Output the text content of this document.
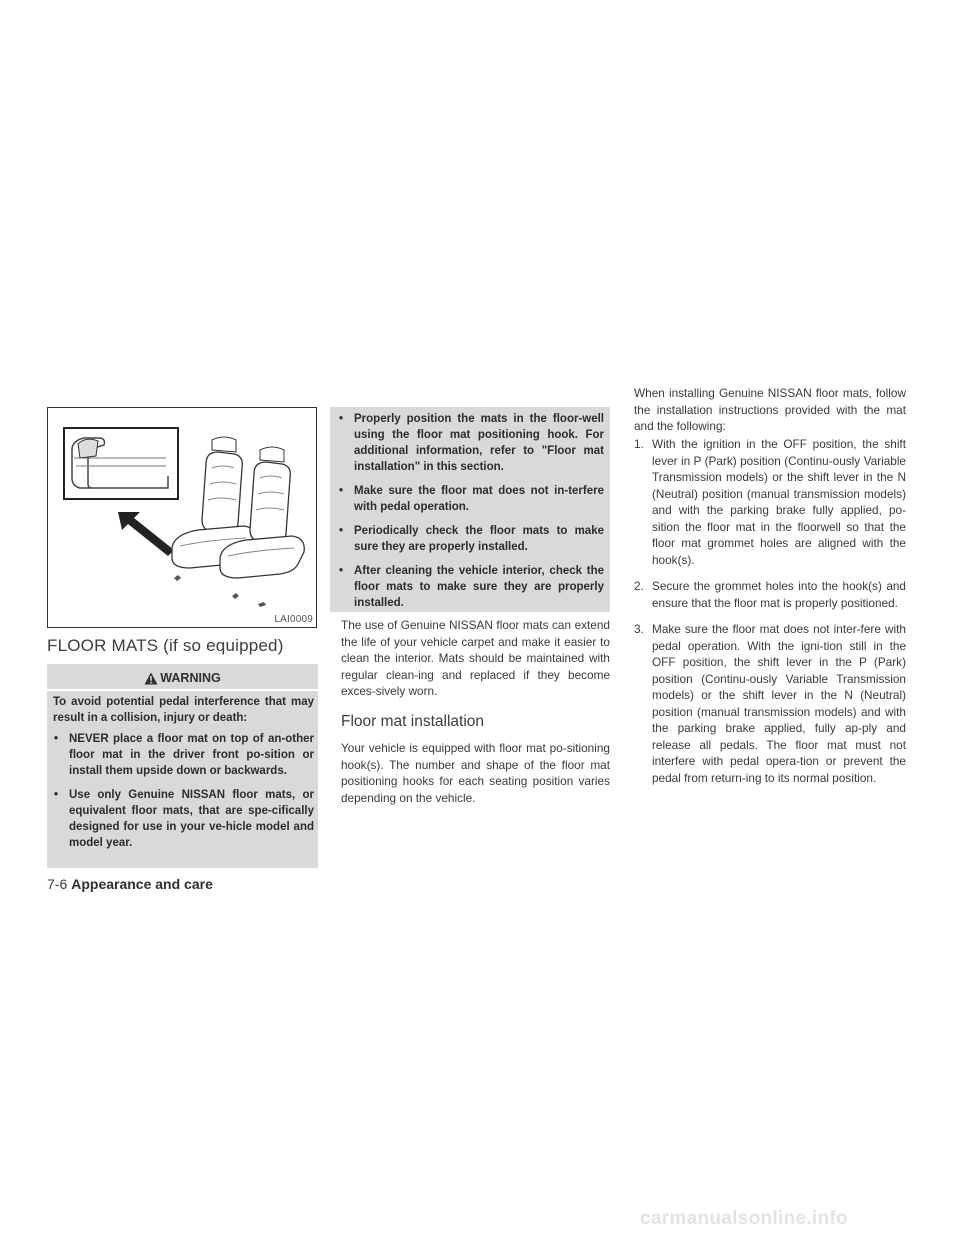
LAI0009
FLOOR MATS (if so equipped)
WARNING

To avoid potential pedal interference that may result in a collision, injury or death:

• NEVER place a floor mat on top of an-other floor mat in the driver front po-sition or install them upside down or backwards.
• Use only Genuine NISSAN floor mats, or equivalent floor mats, that are spe-cifically designed for use in your ve-hicle model and model year.
• Properly position the mats in the floor-well using the floor mat positioning hook. For additional information, refer to "Floor mat installation" in this section.
• Make sure the floor mat does not in-terfere with pedal operation.
• Periodically check the floor mats to make sure they are properly installed.
• After cleaning the vehicle interior, check the floor mats to make sure they are properly installed.

The use of Genuine NISSAN floor mats can extend the life of your vehicle carpet and make it easier to clean the interior. Mats should be maintained with regular clean-ing and replaced if they become exces-sively worn.

Floor mat installation

Your vehicle is equipped with floor mat po-sitioning hook(s). The number and shape of the floor mat positioning hooks for each seating position varies depending on the vehicle.

When installing Genuine NISSAN floor mats, follow the installation instructions provided with the mat and the following:

1. With the ignition in the OFF position, the shift lever in P (Park) position (Continu-ously Variable Transmission models) or the shift lever in the N (Neutral) position (manual transmission models) and with the parking brake fully applied, po-sition the floor mat in the floorwell so that the floor mat grommet holes are aligned with the hook(s).
2. Secure the grommet holes into the hook(s) and ensure that the floor mat is properly positioned.
3. Make sure the floor mat does not inter-fere with pedal operation. With the igni-tion still in the OFF position, the shift lever in the P (Park) position (Continu-ously Variable Transmission models) or the shift lever in the N (Neutral) position (manual transmission models) and with the parking brake applied, fully ap-ply and release all pedals. The floor mat must not interfere with pedal opera-tion or prevent the pedal from return-ing to its normal position.
7-6 Appearance and care
carmanualsonline.info
